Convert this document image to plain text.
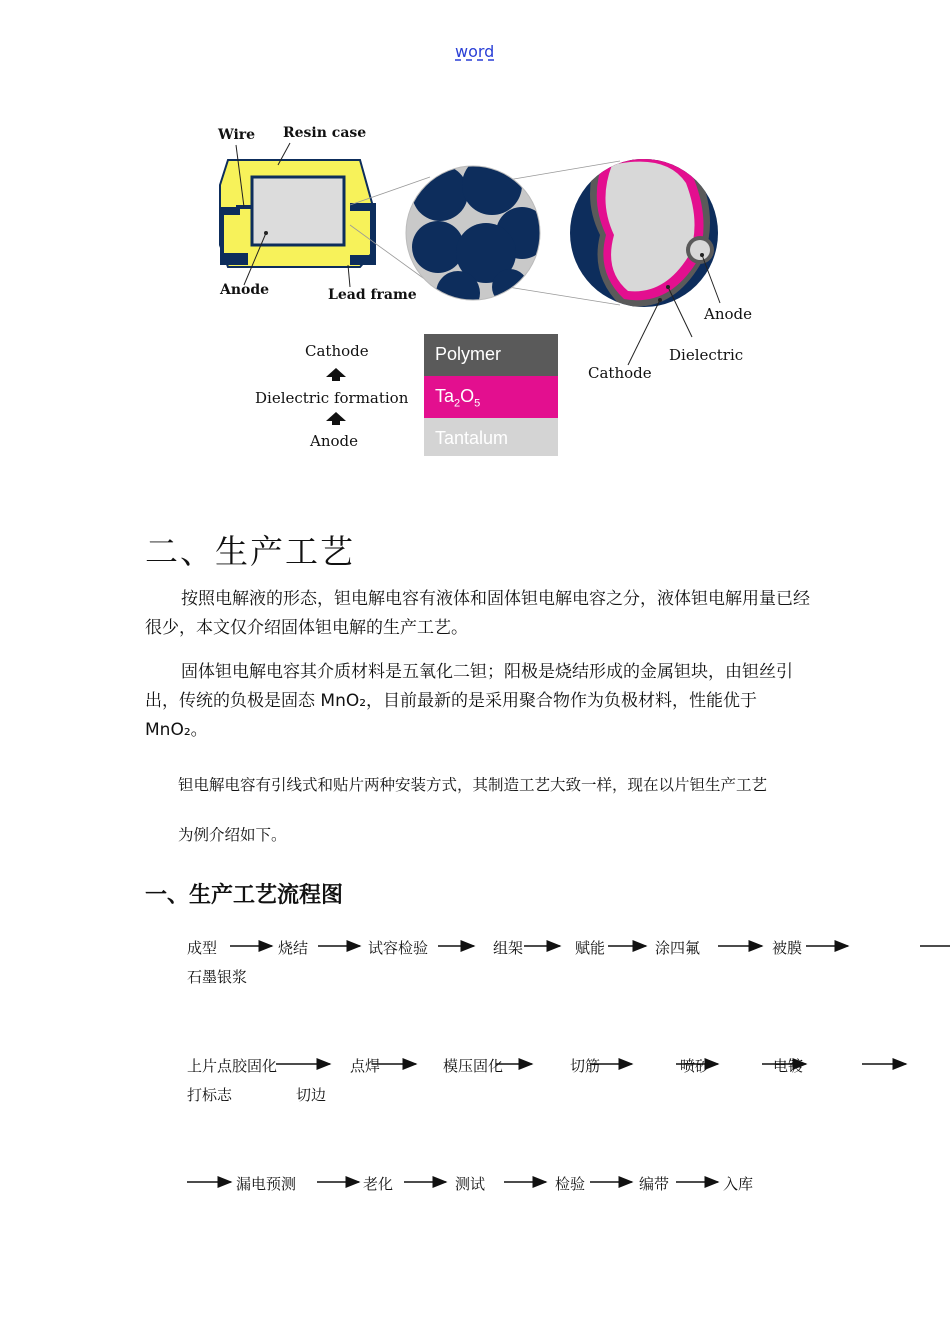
word
Wire Resin case
Anode	Lead frame
Anode
Dielectric
Cathode
Cathode
Dielectric formation
Anode
Polymer
$Ta_2O_5$
Tantalum
二、生产工艺
按照电解液的形态，钽电解电容有液体和固体钽电解电容之分，液体钽电解用量已经很少，本文仅介绍固体钽电解的生产工艺。
固体钽电解电容其介质材料是五氧化二钽；阳极是烧结形成的金属钽块，由钽丝引出，传统的负极是固态 MnO₂，目前最新的是采用聚合物作为负极材料，性能优于 MnO₂。
钽电解电容有引线式和贴片两种安装方式，其制造工艺大致一样，现在以片钽生产工艺
为例介绍如下。
一、生产工艺流程图
成型	烧结	试容检验	组架	赋能	涂四氟	被膜
石墨银浆
上片点胶固化	点焊	模压固化	切筋	喷砂	电镀
打标志	切边
漏电预测	老化	测试	检验	编带	入库
